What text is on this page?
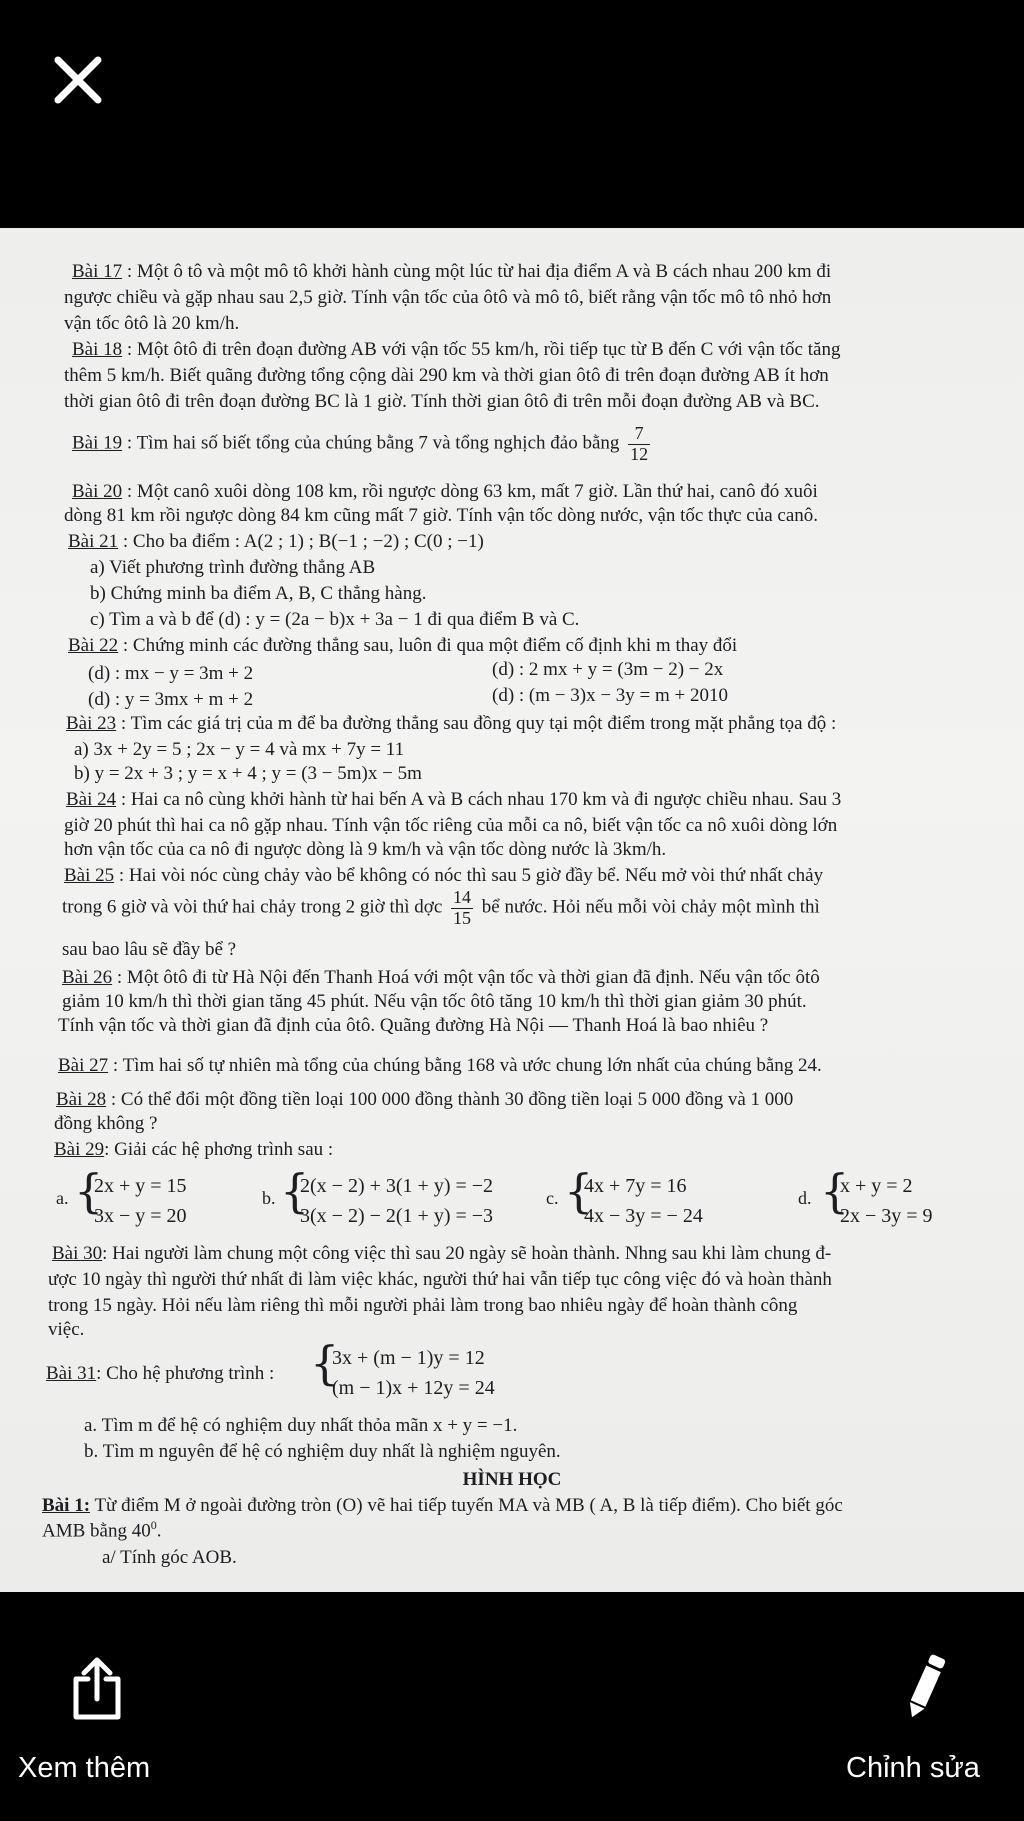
Bài 17 : Một ô tô và một mô tô khởi hành cùng một lúc từ hai địa điểm A và B cách nhau 200 km đi
ngược chiều và gặp nhau sau 2,5 giờ. Tính vận tốc của ôtô và mô tô, biết rằng vận tốc mô tô nhỏ hơn
vận tốc ôtô là 20 km/h.
Bài 18 : Một ôtô đi trên đoạn đường AB với vận tốc 55 km/h, rồi tiếp tục từ B đến C với vận tốc tăng
thêm 5 km/h. Biết quãng đường tổng cộng dài 290 km và thời gian ôtô đi trên đoạn đường AB ít hơn
thời gian ôtô đi trên đoạn đường BC là 1 giờ. Tính thời gian ôtô đi trên mỗi đoạn đường AB và BC.
Bài 19 : Tìm hai số biết tổng của chúng bằng 7 và tổng nghịch đảo bằng $\frac{7}{12}$
Bài 20 : Một canô xuôi dòng 108 km, rồi ngược dòng 63 km, mất 7 giờ. Lần thứ hai, canô đó xuôi
dòng 81 km rồi ngược dòng 84 km cũng mất 7 giờ. Tính vận tốc dòng nước, vận tốc thực của canô.
Bài 21 : Cho ba điểm : A(2 ; 1) ; B(−1 ; −2) ; C(0 ; −1)
a) Viết phương trình đường thẳng AB
b) Chứng minh ba điểm A, B, C thẳng hàng.
c) Tìm a và b để (d) : y = (2a − b)x + 3a − 1 đi qua điểm B và C.
Bài 22 : Chứng minh các đường thẳng sau, luôn đi qua một điểm cố định khi m thay đổi
(d) : mx − y = 3m + 2	(d) : 2 mx + y = (3m − 2) − 2x
(d) : y = 3mx + m + 2	(d) : (m − 3)x − 3y = m + 2010
Bài 23 : Tìm các giá trị của m để ba đường thẳng sau đồng quy tại một điểm trong mặt phẳng tọa độ :
a) 3x + 2y = 5 ; 2x − y = 4 và mx + 7y = 11
b) y = 2x + 3 ; y = x + 4 ; y = (3 − 5m)x − 5m
Bài 24 : Hai ca nô cùng khởi hành từ hai bến A và B cách nhau 170 km và đi ngược chiều nhau. Sau 3
giờ 20 phút thì hai ca nô gặp nhau. Tính vận tốc riêng của mỗi ca nô, biết vận tốc ca nô xuôi dòng lớn
hơn vận tốc của ca nô đi ngược dòng là 9 km/h và vận tốc dòng nước là 3km/h.
Bài 25 : Hai vòi nóc cùng chảy vào bể không có nóc thì sau 5 giờ đầy bể. Nếu mở vòi thứ nhất chảy
trong 6 giờ và vòi thứ hai chảy trong 2 giờ thì dợc $\frac{14}{15}$ bể nước. Hỏi nếu mỗi vòi chảy một mình thì
sau bao lâu sẽ đầy bể ?
Bài 26 : Một ôtô đi từ Hà Nội đến Thanh Hoá với một vận tốc và thời gian đã định. Nếu vận tốc ôtô
giảm 10 km/h thì thời gian tăng 45 phút. Nếu vận tốc ôtô tăng 10 km/h thì thời gian giảm 30 phút.
Tính vận tốc và thời gian đã định của ôtô. Quãng đường Hà Nội — Thanh Hoá là bao nhiêu ?
Bài 27 : Tìm hai số tự nhiên mà tổng của chúng bằng 168 và ước chung lớn nhất của chúng bằng 24.
Bài 28 : Có thể đổi một đồng tiền loại 100 000 đồng thành 30 đồng tiền loại 5 000 đồng và 1 000
đồng không ?
Bài 29: Giải các hệ phơng trình sau :
a. {
2x + y = 15
3x − y = 20
b. {
2(x − 2) + 3(1 + y) = −2
3(x − 2) − 2(1 + y) = −3
c. {
4x + 7y = 16
4x − 3y = − 24
d. {
x + y = 2
2x − 3y = 9
Bài 30: Hai người làm chung một công việc thì sau 20 ngày sẽ hoàn thành. Nhng sau khi làm chung đ-
ược 10 ngày thì người thứ nhất đi làm việc khác, người thứ hai vẫn tiếp tục công việc đó và hoàn thành
trong 15 ngày. Hỏi nếu làm riêng thì mỗi người phải làm trong bao nhiêu ngày để hoàn thành công
việc.
Bài 31: Cho hệ phương trình : {
3x + (m − 1)y = 12
(m − 1)x + 12y = 24
a. Tìm m để hệ có nghiệm duy nhất thỏa mãn x + y = −1.
b. Tìm m nguyên để hệ có nghiệm duy nhất là nghiệm nguyên.
HÌNH HỌC
Bài 1: Từ điểm M ở ngoài đường tròn (O) vẽ hai tiếp tuyến MA và MB ( A, B là tiếp điểm). Cho biết góc
AMB bằng $40^0$.
a/ Tính góc AOB.
Xem thêm	Chỉnh sửa
